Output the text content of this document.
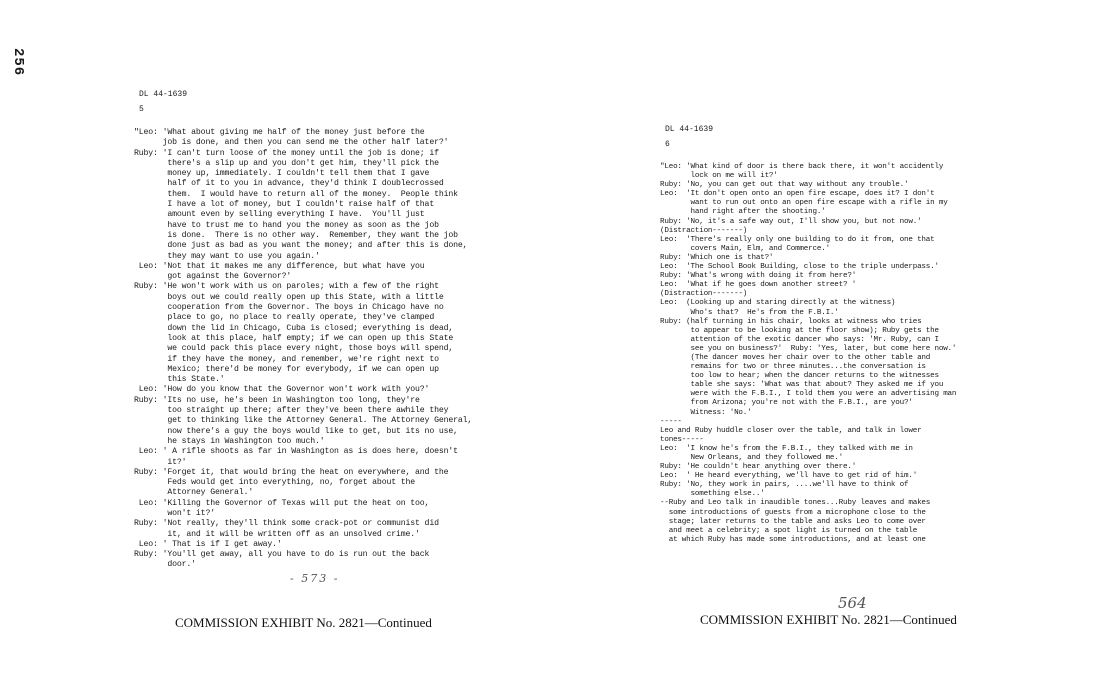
256
DL 44-1639
5
"Leo: 'What about giving me half of the money just before the
job is done, and then you can send me the other half later?'
Ruby: 'I can't turn loose of the money until the job is done; if
there's a slip up and you don't get him, they'll pick the
money up, immediately. I couldn't tell them that I gave
half of it to you in advance, they'd think I doublecrossed
them.  I would have to return all of the money.  People think
I have a lot of money, but I couldn't raise half of that
amount even by selling everything I have.  You'll just
have to trust me to hand you the money as soon as the job
is done.  There is no other way.  Remember, they want the job
done just as bad as you want the money; and after this is done,
they may want to use you again.'
Leo: 'Not that it makes me any difference, but what have you
got against the Governor?'
Ruby: 'He won't work with us on paroles; with a few of the right
boys out we could really open up this State, with a little
cooperation from the Governor. The boys in Chicago have no
place to go, no place to really operate, they've clamped
down the lid in Chicago, Cuba is closed; everything is dead,
look at this place, half empty; if we can open up this State
we could pack this place every night, those boys will spend,
if they have the money, and remember, we're right next to
Mexico; there'd be money for everybody, if we can open up
this State.'
Leo: 'How do you know that the Governor won't work with you?'
Ruby: 'Its no use, he's been in Washington too long, they're
too straight up there; after they've been there awhile they
get to thinking like the Attorney General. The Attorney General,
now there's a guy the boys would like to get, but its no use,
he stays in Washington too much.'
Leo: ' A rifle shoots as far in Washington as is does here, doesn't
it?'
Ruby: 'Forget it, that would bring the heat on everywhere, and the
Feds would get into everything, no, forget about the
Attorney General.'
Leo: 'Killing the Governor of Texas will put the heat on too,
won't it?'
Ruby: 'Not really, they'll think some crack-pot or communist did
it, and it will be written off as an unsolved crime.'
Leo: ' That is if I get away.'
Ruby: 'You'll get away, all you have to do is run out the back
door.'
DL 44-1639
6
"Leo: 'What kind of door is there back there, it won't accidently
lock on me will it?'
Ruby: 'No, you can get out that way without any trouble.'
Leo:  'It don't open onto an open fire escape, does it? I don't
want to run out onto an open fire escape with a rifle in my
hand right after the shooting.'
Ruby: 'No, it's a safe way out, I'll show you, but not now.'
(Distraction-------)
Leo:  'There's really only one building to do it from, one that
covers Main, Elm, and Commerce.'
Ruby: 'Which one is that?'
Leo:  'The School Book Building, close to the triple underpass.'
Ruby: 'What's wrong with doing it from here?'
Leo:  'What if he goes down another street? '
(Distraction-------)
Leo:  (Looking up and staring directly at the witness)
Who's that?  He's from the F.B.I.'
Ruby: (half turning in his chair, looks at witness who tries
to appear to be looking at the floor show); Ruby gets the
attention of the exotic dancer who says: 'Mr. Ruby, can I
see you on business?'  Ruby: 'Yes, later, but come here now.'
(The dancer moves her chair over to the other table and
remains for two or three minutes...the conversation is
too low to hear; when the dancer returns to the witnesses
table she says: 'What was that about? They asked me if you
were with the F.B.I., I told them you were an advertising man
from Arizona; you're not with the F.B.I., are you?'
Witness: 'No.'
-----
Leo and Ruby huddle closer over the table, and talk in lower
tones-----
Leo:  'I know he's from the F.B.I., they talked with me in
New Orleans, and they followed me.'
Ruby: 'He couldn't hear anything over there.'
Leo:  ' He heard everything, we'll have to get rid of him.'
Ruby: 'No, they work in pairs, ....we'll have to think of
something else..'
--Ruby and Leo talk in inaudible tones...Ruby leaves and makes
some introductions of guests from a microphone close to the
stage; later returns to the table and asks Leo to come over
and meet a celebrity; a spot light is turned on the table
at which Ruby has made some introductions, and at least one
- 573 -
564
COMMISSION EXHIBIT No. 2821—Continued	COMMISSION EXHIBIT No. 2821—Continued
